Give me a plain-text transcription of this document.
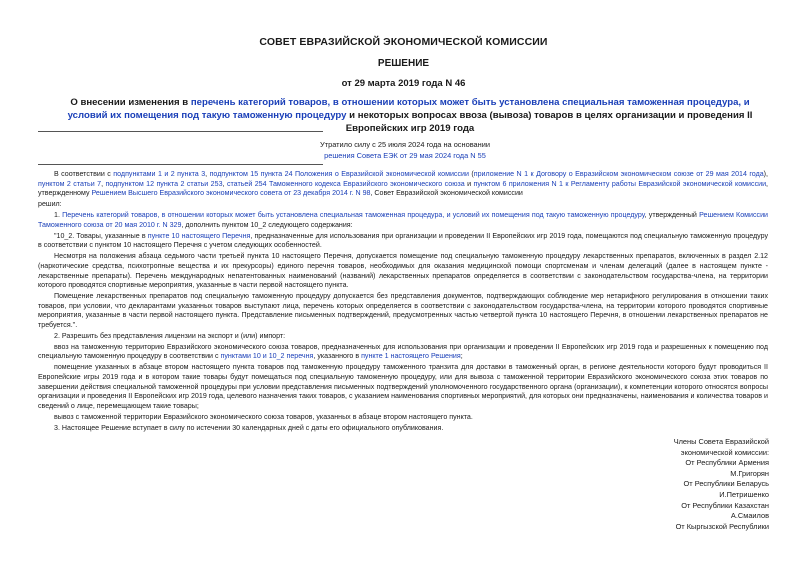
СОВЕТ ЕВРАЗИЙСКОЙ ЭКОНОМИЧЕСКОЙ КОМИССИИ
РЕШЕНИЕ
от 29 марта 2019 года N 46
О внесении изменения в перечень категорий товаров, в отношении которых может быть установлена специальная таможенная процедура, и условий их помещения под такую таможенную процедуру и некоторых вопросах ввоза (вывоза) товаров в целях организации и проведения II Европейских игр 2019 года
Утратило силу с 25 июля 2024 года на основании
решения Совета ЕЭК от 29 мая 2024 года N 55

В соответствии с подпунктами 1 и 2 пункта 3, подпунктом 15 пункта 24 Положения о Евразийской экономической комиссии (приложение N 1 к Договору о Евразийском экономическом союзе от 29 мая 2014 года), пунктом 2 статьи 7, подпунктом 12 пункта 2 статьи 253, статьей 254 Таможенного кодекса Евразийского экономического союза и пунктом 6 приложения N 1 к Регламенту работы Евразийской экономической комиссии, утвержденному Решением Высшего Евразийского экономического совета от 23 декабря 2014 г. N 98, Совет Евразийской экономической комиссии

решил:

1. Перечень категорий товаров, в отношении которых может быть установлена специальная таможенная процедура, и условий их помещения под такую таможенную процедуру, утвержденный Решением Комиссии Таможенного союза от 20 мая 2010 г. N 329, дополнить пунктом 10_2 следующего содержания:

"10_2. Товары, указанные в пункте 10 настоящего Перечня, предназначенные для использования при организации и проведении II Европейских игр 2019 года, помещаются под специальную таможенную процедуру в соответствии с пунктом 10 настоящего Перечня с учетом следующих особенностей.

Несмотря на положения абзаца седьмого части третьей пункта 10 настоящего Перечня, допускается помещение под специальную таможенную процедуру лекарственных препаратов, включенных в раздел 2.12 (наркотические средства, психотропные вещества и их прекурсоры) единого перечня товаров, необходимых для оказания медицинской помощи спортсменам и членам делегаций (далее в настоящем пункте - лекарственные препараты). Перечень международных непатентованных наименований (названий) лекарственных препаратов определяется в соответствии с законодательством государства-члена, на территории которого проводятся спортивные мероприятия, указанные в части первой настоящего пункта.

Помещение лекарственных препаратов под специальную таможенную процедуру допускается без представления документов, подтверждающих соблюдение мер нетарифного регулирования в отношении таких товаров, при условии, что декларантами указанных товаров выступают лица, перечень которых определяется в соответствии с законодательством государства-члена, на территории которого проводятся спортивные мероприятия, указанные в части первой настоящего пункта. Представление письменных подтверждений, предусмотренных частью четвертой пункта 10 настоящего Перечня, в отношении лекарственных препаратов не требуется.".

2. Разрешить без представления лицензии на экспорт и (или) импорт:

ввоз на таможенную территорию Евразийского экономического союза товаров, предназначенных для использования при организации и проведении II Европейских игр 2019 года и разрешенных к помещению под специальную таможенную процедуру в соответствии с пунктами 10 и 10_2 перечня, указанного в пункте 1 настоящего Решения;

помещение указанных в абзаце втором настоящего пункта товаров под таможенную процедуру таможенного транзита для доставки в таможенный орган, в регионе деятельности которого будут проводиться II Европейские игры 2019 года и в котором такие товары будут помещаться под специальную таможенную процедуру, или для вывоза с таможенной территории Евразийского экономического союза этих товаров по завершении действия специальной таможенной процедуры при условии представления письменных подтверждений уполномоченного государственного органа (организации), к компетенции которого относятся вопросы организации и проведения II Европейских игр 2019 года, целевого назначения таких товаров, с указанием наименования спортивных мероприятий, для которых они предназначены, наименования и количества товаров и сведений о лице, перемещающем такие товары;

вывоз с таможенной территории Евразийского экономического союза товаров, указанных в абзаце втором настоящего пункта.

3. Настоящее Решение вступает в силу по истечении 30 календарных дней с даты его официального опубликования.

Члены Совета Евразийской
экономической комиссии:
От Республики Армения
М.Григорян
От Республики Беларусь
И.Петришенко
От Республики Казахстан
А.Смаилов
От Кыргызской Республики
